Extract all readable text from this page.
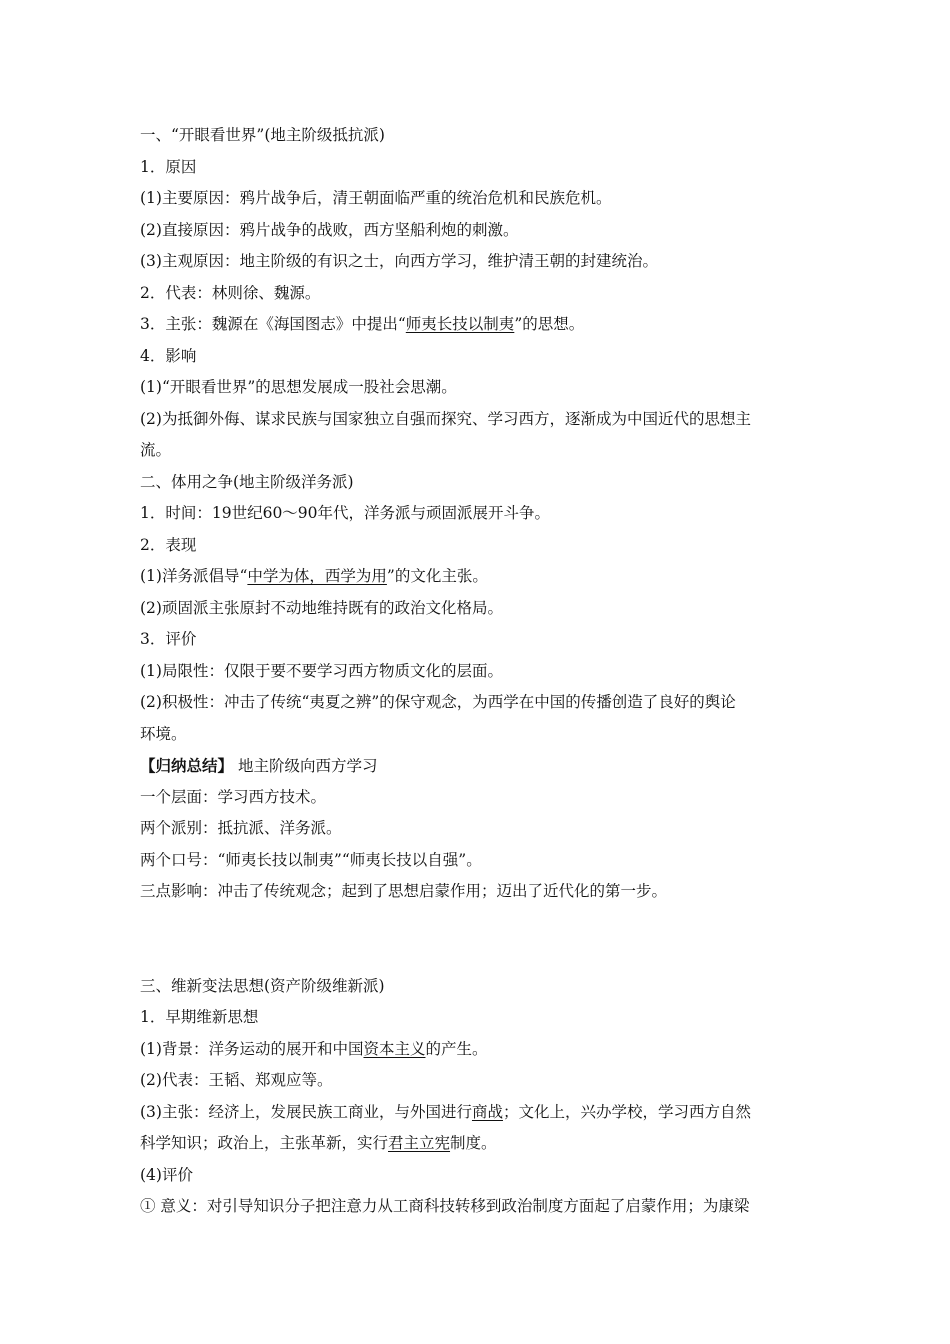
一、“开眼看世界”(地主阶级抵抗派)
1．原因
(1)主要原因：鸦片战争后，清王朝面临严重的统治危机和民族危机。
(2)直接原因：鸦片战争的战败，西方坚船利炮的刺激。
(3)主观原因：地主阶级的有识之士，向西方学习，维护清王朝的封建统治。
2．代表：林则徐、魏源。
3．主张：魏源在《海国图志》中提出“师夷长技以制夷”的思想。
4．影响
(1)“开眼看世界”的思想发展成一股社会思潮。
(2)为抵御外侮、谋求民族与国家独立自强而探究、学习西方，逐渐成为中国近代的思想主
流。
二、体用之争(地主阶级洋务派)
1．时间：19世纪60～90年代，洋务派与顽固派展开斗争。
2．表现
(1)洋务派倡导“中学为体，西学为用”的文化主张。
(2)顽固派主张原封不动地维持既有的政治文化格局。
3．评价
(1)局限性：仅限于要不要学习西方物质文化的层面。
(2)积极性：冲击了传统“夷夏之辨”的保守观念，为西学在中国的传播创造了良好的舆论
环境。
【归纳总结】 地主阶级向西方学习
一个层面：学习西方技术。
两个派别：抵抗派、洋务派。
两个口号：“师夷长技以制夷”“师夷长技以自强”。
三点影响：冲击了传统观念；起到了思想启蒙作用；迈出了近代化的第一步。
三、维新变法思想(资产阶级维新派)
1．早期维新思想
(1)背景：洋务运动的展开和中国资本主义的产生。
(2)代表：王韬、郑观应等。
(3)主张：经济上，发展民族工商业，与外国进行商战；文化上，兴办学校，学习西方自然
科学知识；政治上，主张革新，实行君主立宪制度。
(4)评价
① 意义：对引导知识分子把注意力从工商科技转移到政治制度方面起了启蒙作用；为康梁
